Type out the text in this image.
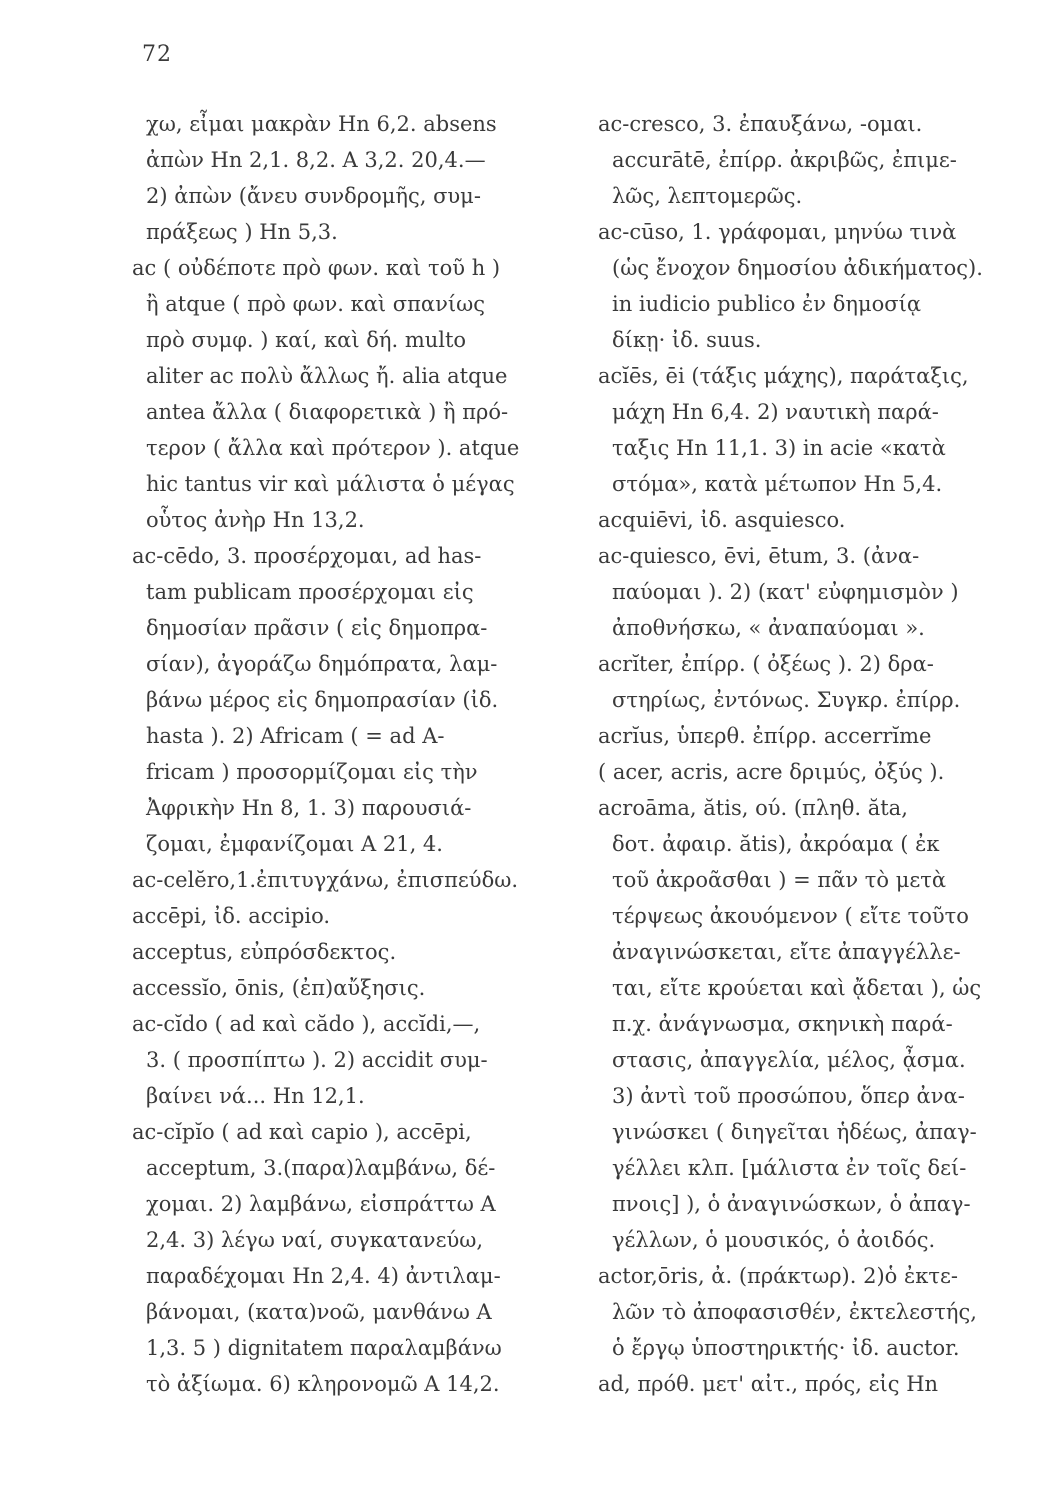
72
χω, εἶμαι μακρὰν Hn 6,2. absens
ἀπὼν Hn 2,1. 8,2. A 3,2. 20,4.—
2) ἀπὼν (ἄνευ συνδρομῆς, συμ-
πράξεως ) Hn 5,3.
ac ( οὐδέποτε πρὸ φων. καὶ τοῦ h )
ἢ atque ( πρὸ φων. καὶ σπανίως
πρὸ συμφ. ) καί, καὶ δή. multo
aliter ac πολὺ ἄλλως ἤ. alia atque
antea ἄλλα ( διαφορετικὰ ) ἢ πρό-
τερον ( ἄλλα καὶ πρότερον ). atque
hic tantus vir καὶ μάλιστα ὁ μέγας
οὗτος ἀνὴρ Hn 13,2.
ac-cēdo, 3. προσέρχομαι, ad has-
tam publicam προσέρχομαι εἰς
δημοσίαν πρᾶσιν ( εἰς δημοπρα-
σίαν), ἀγοράζω δημόπρατα, λαμ-
βάνω μέρος εἰς δημοπρασίαν (ἰδ.
hasta ). 2) Africam ( = ad A-
fricam ) προσορμίζομαι εἰς τὴν
Ἀφρικὴν Hn 8, 1. 3) παρουσιά-
ζομαι, ἐμφανίζομαι A 21, 4.
ac-celĕro,1.ἐπιτυγχάνω, ἐπισπεύδω.
accēpi, ἰδ. accipio.
acceptus, εὐπρόσδεκτος.
accessĭo, ōnis, (ἐπ)αὔξησις.
ac-cĭdo ( ad καὶ cădo ), accĭdi,—,
3. ( προσπίπτω ). 2) accidit συμ-
βαίνει νά... Hn 12,1.
ac-cĭpĭo ( ad καὶ capio ), accēpi,
acceptum, 3.(παρα)λαμβάνω, δέ-
χομαι. 2) λαμβάνω, εἰσπράττω A
2,4. 3) λέγω ναί, συγκατανεύω,
παραδέχομαι Hn 2,4. 4) ἀντιλαμ-
βάνομαι, (κατα)νοῶ, μανθάνω A
1,3. 5 ) dignitatem παραλαμβάνω
τὸ ἀξίωμα. 6) κληρονομῶ A 14,2.
ac-cresco, 3. ἐπαυξάνω, -ομαι.
accurātē, ἐπίρρ. ἀκριβῶς, ἐπιμε-
λῶς, λεπτομερῶς.
ac-cūso, 1. γράφομαι, μηνύω τινὰ
(ὡς ἔνοχον δημοσίου ἀδικήματος).
in iudicio publico ἐν δημοσίᾳ
δίκῃ· ἰδ. suus.
acĭēs, ēi (τάξις μάχης), παράταξις,
μάχη Hn 6,4. 2) ναυτικὴ παρά-
ταξις Hn 11,1. 3) in acie «κατὰ
στόμα», κατὰ μέτωπον Hn 5,4.
acquiēvi, ἰδ. asquiesco.
ac-quiesco, ēvi, ētum, 3. (ἀνα-
παύομαι ). 2) (κατ' εὐφημισμὸν )
ἀποθνήσκω, « ἀναπαύομαι ».
acrĭter, ἐπίρρ. ( ὀξέως ). 2) δρα-
στηρίως, ἐντόνως. Συγκρ. ἐπίρρ.
acrĭus, ὑπερθ. ἐπίρρ. accerrĭme
( acer, acris, acre δριμύς, ὀξύς ).
acroāma, ătis, ού. (πληθ. ăta,
δοτ. ἀφαιρ. ătis), ἀκρόαμα ( ἐκ
τοῦ ἀκροᾶσθαι ) = πᾶν τὸ μετὰ
τέρψεως ἀκουόμενον ( εἴτε τοῦτο
ἀναγινώσκεται, εἴτε ἀπαγγέλλε-
ται, εἴτε κρούεται καὶ ᾄδεται ), ὡς
π.χ. ἀνάγνωσμα, σκηνικὴ παρά-
στασις, ἀπαγγελία, μέλος, ᾆσμα.
3) ἀντὶ τοῦ προσώπου, ὅπερ ἀνα-
γινώσκει ( διηγεῖται ἡδέως, ἀπαγ-
γέλλει κλπ. [μάλιστα ἐν τοῖς δεί-
πνοις] ), ὁ ἀναγινώσκων, ὁ ἀπαγ-
γέλλων, ὁ μουσικός, ὁ ἀοιδός.
actor,ōris, ἀ. (πράκτωρ). 2)ὁ ἐκτε-
λῶν τὸ ἀποφασισθέν, ἐκτελεστής,
ὁ ἔργῳ ὑποστηρικτής· ἰδ. auctor.
ad, πρόθ. μετ' αἰτ., πρός, εἰς Hn
